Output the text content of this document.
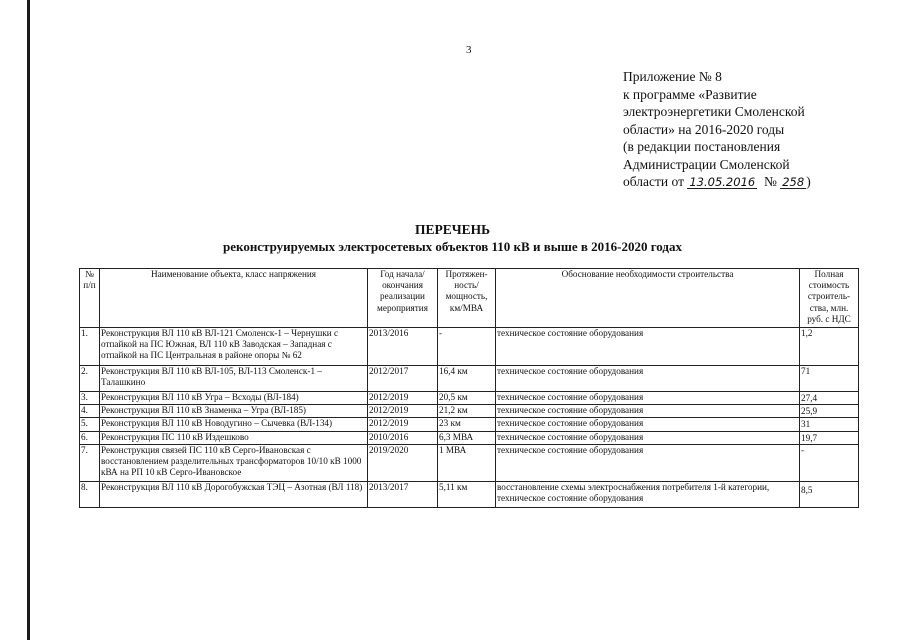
3
Приложение № 8
к программе «Развитие
электроэнергетики Смоленской
области» на 2016-2020 годы
(в редакции постановления
Администрации Смоленской
области от 13.05.2016 № 258 )
ПЕРЕЧЕНЬ
реконструируемых электросетевых объектов 110 кВ и выше в 2016-2020 годах
№ п/п	Наименование объекта, класс напряжения	Год начала/ окончания реализации мероприятия	Протяжен-ность/ мощность, км/МВА	Обоснование необходимости строительства	Полная стоимость строитель-ства, млн. руб. с НДС
1.	Реконструкция ВЛ 110 кВ ВЛ-121 Смоленск-1 – Чернушки с отпайкой на ПС Южная, ВЛ 110 кВ Заводская – Западная с отпайкой на ПС Центральная в районе опоры № 62	2013/2016	-	техническое состояние оборудования	1,2
2.	Реконструкция ВЛ 110 кВ ВЛ-105, ВЛ-113 Смоленск-1 – Талашкино	2012/2017	16,4 км	техническое состояние оборудования	71
3.	Реконструкция ВЛ 110 кВ Угра – Всходы (ВЛ-184)	2012/2019	20,5 км	техническое состояние оборудования	27,4
4.	Реконструкция ВЛ 110 кВ Знаменка – Угра (ВЛ-185)	2012/2019	21,2 км	техническое состояние оборудования	25,9
5.	Реконструкция ВЛ 110 кВ Новодугино – Сычевка (ВЛ-134)	2012/2019	23 км	техническое состояние оборудования	31
6.	Реконструкция ПС 110 кВ Издешково	2010/2016	6,3 МВА	техническое состояние оборудования	19,7
7.	Реконструкция связей ПС 110 кВ Серго-Ивановская с восстановлением разделительных трансформаторов 10/10 кВ 1000 кВА на РП 10 кВ Серго-Ивановское	2019/2020	1 МВА	техническое состояние оборудования	-
8.	Реконструкция ВЛ 110 кВ Дорогобужская ТЭЦ – Азотная (ВЛ 118)	2013/2017	5,11 км	восстановление схемы электроснабжения потребителя 1-й категории, техническое состояние оборудования	8,5
